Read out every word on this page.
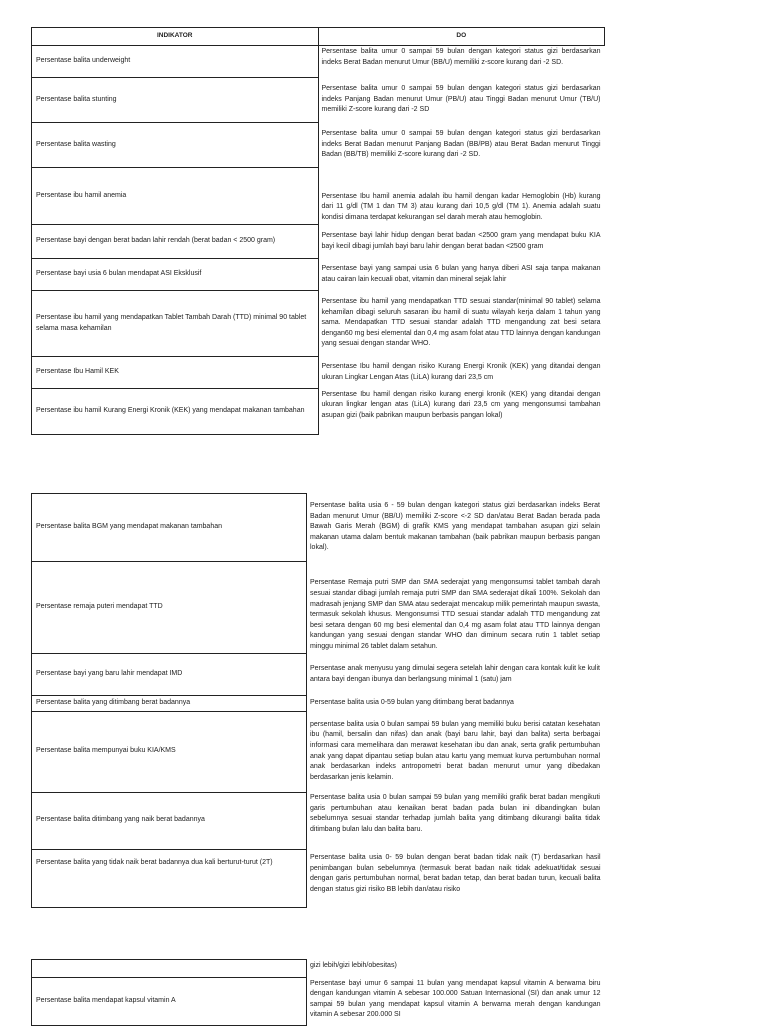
INDIKATOR	DO
Persentase balita underweight	Persentase balita umur 0 sampai 59 bulan dengan kategori status gizi berdasarkan indeks Berat Badan menurut Umur (BB/U) memiliki z-score kurang dari -2 SD.
Persentase balita stunting	Persentase balita umur 0 sampai 59 bulan dengan kategori status gizi berdasarkan indeks Panjang Badan menurut Umur (PB/U) atau Tinggi Badan menurut Umur (TB/U) memiliki Z-score kurang dari -2 SD
Persentase balita wasting	Persentase balita umur 0 sampai 59 bulan dengan kategori status gizi berdasarkan indeks Berat Badan menurut Panjang Badan (BB/PB) atau Berat Badan menurut Tinggi Badan (BB/TB) memiliki Z-score kurang dari -2 SD.
Persentase ibu hamil anemia	Persentase Ibu hamil anemia adalah ibu hamil dengan kadar Hemoglobin (Hb) kurang dari 11 g/dl (TM 1 dan TM 3) atau kurang dari 10,5 g/dl (TM 1). Anemia adalah suatu kondisi dimana terdapat kekurangan sel darah merah atau hemoglobin.
Persentase bayi dengan berat badan lahir rendah (berat badan < 2500 gram)	Persentase bayi lahir hidup dengan berat badan <2500 gram yang mendapat buku KIA bayi kecil dibagi jumlah bayi baru lahir dengan berat badan <2500 gram
Persentase bayi usia 6 bulan mendapat ASI Eksklusif	Persentase bayi yang sampai usia 6 bulan yang hanya diberi ASI saja tanpa makanan atau cairan lain kecuali obat, vitamin dan mineral sejak lahir
Persentase ibu hamil yang mendapatkan Tablet Tambah Darah (TTD) minimal 90 tablet selama masa kehamilan	Persentase ibu hamil yang mendapatkan TTD sesuai standar(minimal 90 tablet) selama kehamilan dibagi seluruh sasaran ibu hamil di suatu wilayah kerja dalam 1 tahun yang sama. Mendapatkan TTD sesuai standar adalah TTD mengandung zat besi setara dengan60 mg besi elemental dan 0,4 mg asam folat atau TTD lainnya dengan kandungan yang sesuai dengan standar WHO.
Persentase Ibu Hamil KEK	Persentase Ibu hamil dengan risiko Kurang Energi Kronik (KEK) yang ditandai dengan ukuran Lingkar Lengan Atas (LiLA) kurang dari 23,5 cm
Persentase ibu hamil Kurang Energi Kronik (KEK) yang mendapat makanan tambahan	Persentase Ibu hamil dengan risiko kurang energi kronik (KEK) yang ditandai dengan ukuran lingkar lengan atas (LiLA) kurang dari 23,5 cm yang mengonsumsi tambahan asupan gizi (baik pabrikan maupun berbasis pangan lokal)
Persentase balita BGM yang mendapat makanan tambahan	Persentase balita usia 6 - 59 bulan dengan kategori status gizi berdasarkan indeks Berat Badan menurut Umur (BB/U) memiliki Z-score <-2 SD dan/atau Berat Badan berada pada Bawah Garis Merah (BGM) di grafik KMS yang mendapat tambahan asupan gizi selain makanan utama dalam bentuk makanan tambahan (baik pabrikan maupun berbasis pangan lokal).
Persentase remaja puteri mendapat TTD	Persentase Remaja putri SMP dan SMA sederajat yang mengonsumsi tablet tambah darah sesuai standar dibagi jumlah remaja putri SMP dan SMA sederajat dikali 100%. Sekolah dan madrasah jenjang SMP dan SMA atau sederajat mencakup milik pemerintah maupun swasta, termasuk sekolah khusus. Mengonsumsi TTD sesuai standar adalah TTD mengandung zat besi setara dengan 60 mg besi elemental dan 0,4 mg asam folat atau TTD lainnya dengan kandungan yang sesuai dengan standar WHO dan diminum secara rutin 1 tablet setiap minggu minimal 26 tablet dalam setahun.
Persentase bayi yang baru lahir mendapat IMD	Persentase anak menyusu yang dimulai segera setelah lahir dengan cara kontak kulit ke kulit antara bayi dengan ibunya dan berlangsung minimal 1 (satu) jam
Persentase balita yang ditimbang berat badannya	Persentase balita usia 0-59 bulan yang ditimbang berat badannya
Persentase balita mempunyai buku KIA/KMS	persentase balita usia 0 bulan sampai 59 bulan yang memiliki buku berisi catatan kesehatan ibu (hamil, bersalin dan nifas) dan anak (bayi baru lahir, bayi dan balita) serta berbagai informasi cara memelihara dan merawat kesehatan ibu dan anak, serta grafik pertumbuhan anak yang dapat dipantau setiap bulan atau kartu yang memuat kurva pertumbuhan normal anak berdasarkan indeks antropometri berat badan menurut umur yang dibedakan berdasarkan jenis kelamin.
Persentase balita ditimbang yang naik berat badannya	Persentase balita usia 0 bulan sampai 59 bulan yang memiliki grafik berat badan mengikuti garis pertumbuhan atau kenaikan berat badan pada bulan ini dibandingkan bulan sebelumnya sesuai standar terhadap jumlah balita yang ditimbang dikurangi balita tidak ditimbang bulan lalu dan balita baru.
Persentase balita yang tidak naik berat badannya dua kali berturut-turut (2T)	Persentase balita usia 0- 59 bulan dengan berat badan tidak naik (T) berdasarkan hasil penimbangan bulan sebelumnya (termasuk berat badan naik tidak adekuat/tidak sesuai dengan garis pertumbuhan normal, berat badan tetap, dan berat badan turun, kecuali balita dengan status gizi risiko BB lebih dan/atau risiko
	gizi lebih/gizi lebih/obesitas)
Persentase balita mendapat kapsul vitamin A	Persentase bayi umur 6 sampai 11 bulan yang mendapat kapsul vitamin A berwarna biru dengan kandungan vitamin A sebesar 100.000 Satuan Internasional (SI) dan anak umur 12 sampai 59 bulan yang mendapat kapsul vitamin A berwarna merah dengan kandungan vitamin A sebesar 200.000 SI
